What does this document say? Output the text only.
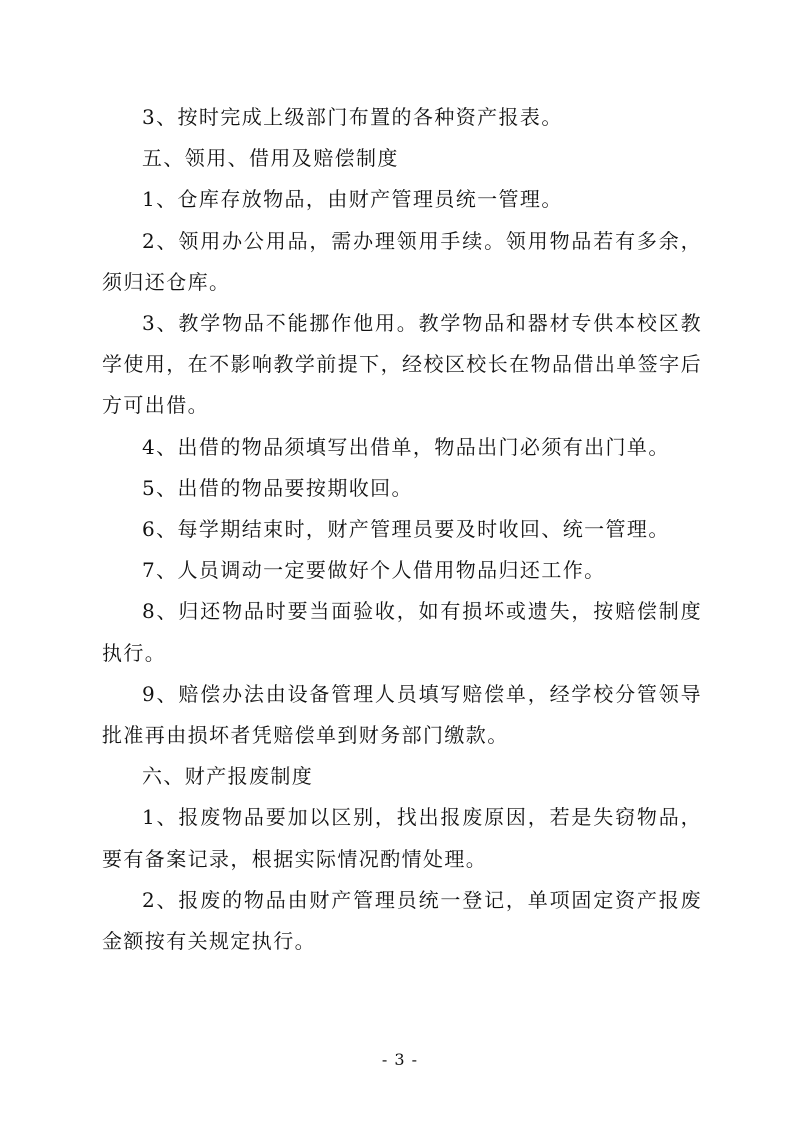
3、按时完成上级部门布置的各种资产报表。

五、领用、借用及赔偿制度

1、仓库存放物品，由财产管理员统一管理。

2、领用办公用品，需办理领用手续。领用物品若有多余，须归还仓库。

3、教学物品不能挪作他用。教学物品和器材专供本校区教学使用，在不影响教学前提下，经校区校长在物品借出单签字后方可出借。

4、出借的物品须填写出借单，物品出门必须有出门单。

5、出借的物品要按期收回。

6、每学期结束时，财产管理员要及时收回、统一管理。

7、人员调动一定要做好个人借用物品归还工作。

8、归还物品时要当面验收，如有损坏或遗失，按赔偿制度执行。

9、赔偿办法由设备管理人员填写赔偿单，经学校分管领导批准再由损坏者凭赔偿单到财务部门缴款。

六、财产报废制度

1、报废物品要加以区别，找出报废原因，若是失窃物品，要有备案记录，根据实际情况酌情处理。

2、报废的物品由财产管理员统一登记，单项固定资产报废金额按有关规定执行。

- 3 -
